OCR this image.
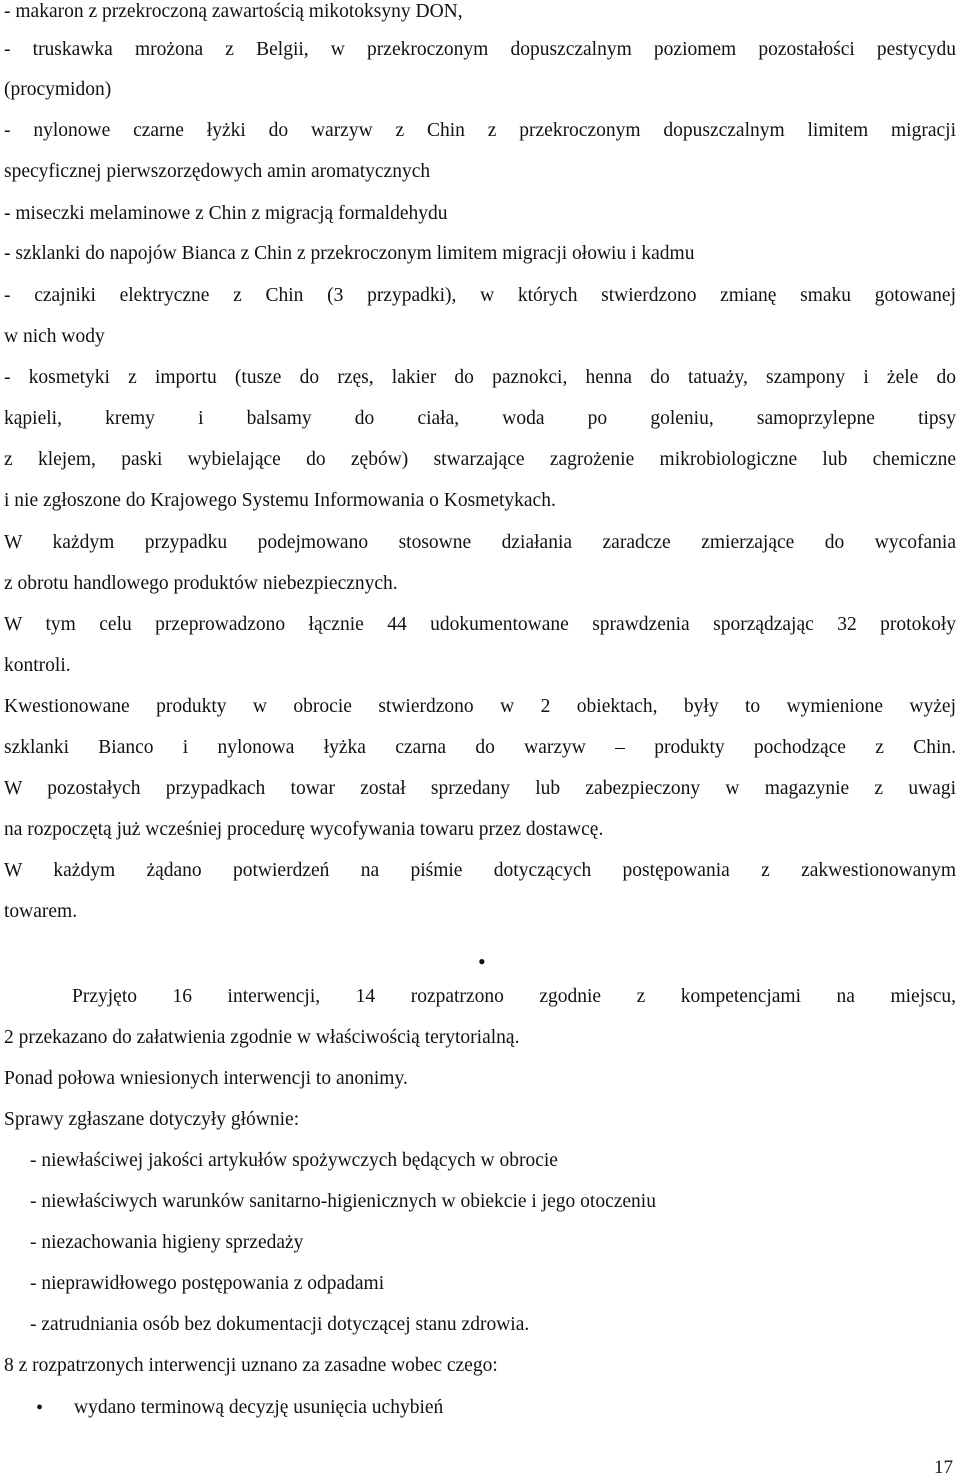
- makaron z przekroczoną zawartością mikotoksyny DON,
- truskawka mrożona z Belgii, w przekroczonym dopuszczalnym poziomem pozostałości pestycydu
(procymidon)
- nylonowe czarne łyżki do warzyw z Chin z przekroczonym dopuszczalnym limitem migracji
specyficznej pierwszorzędowych amin aromatycznych
- miseczki melaminowe z Chin z migracją formaldehydu
- szklanki do napojów Bianca z Chin z przekroczonym limitem migracji ołowiu i kadmu
- czajniki elektryczne z Chin (3 przypadki), w których stwierdzono zmianę smaku gotowanej
w nich wody
- kosmetyki z importu (tusze do rzęs, lakier do paznokci, henna do tatuaży, szampony i żele do
kąpieli, kremy i balsamy do ciała, woda po goleniu, samoprzylepne tipsy
z klejem, paski wybielające do zębów) stwarzające zagrożenie mikrobiologiczne lub chemiczne
i nie zgłoszone do Krajowego Systemu Informowania o Kosmetykach.
W każdym przypadku podejmowano stosowne działania zaradcze zmierzające do wycofania
z obrotu handlowego produktów niebezpiecznych.
W tym celu przeprowadzono łącznie 44 udokumentowane sprawdzenia sporządzając 32 protokoły
kontroli.
Kwestionowane produkty w obrocie stwierdzono w 2 obiektach, były to wymienione wyżej
szklanki Bianco i nylonowa łyżka czarna do warzyw – produkty pochodzące z Chin.
W pozostałych przypadkach towar został sprzedany lub zabezpieczony w magazynie z uwagi
na rozpoczętą już wcześniej procedurę wycofywania towaru przez dostawcę.
W każdym żądano potwierdzeń na piśmie dotyczących postępowania z zakwestionowanym
towarem.
•
Przyjęto 16 interwencji, 14 rozpatrzono zgodnie z kompetencjami na miejscu,
2 przekazano do załatwienia zgodnie w właściwością terytorialną.
Ponad połowa wniesionych interwencji to anonimy.
Sprawy zgłaszane dotyczyły głównie:
- niewłaściwej jakości artykułów spożywczych będących w obrocie
- niewłaściwych warunków sanitarno-higienicznych w obiekcie i jego otoczeniu
- niezachowania higieny sprzedaży
- nieprawidłowego postępowania z odpadami
- zatrudniania osób bez dokumentacji dotyczącej stanu zdrowia.
8 z rozpatrzonych interwencji uznano za zasadne wobec czego:
• wydano terminową decyzję usunięcia uchybień
17
